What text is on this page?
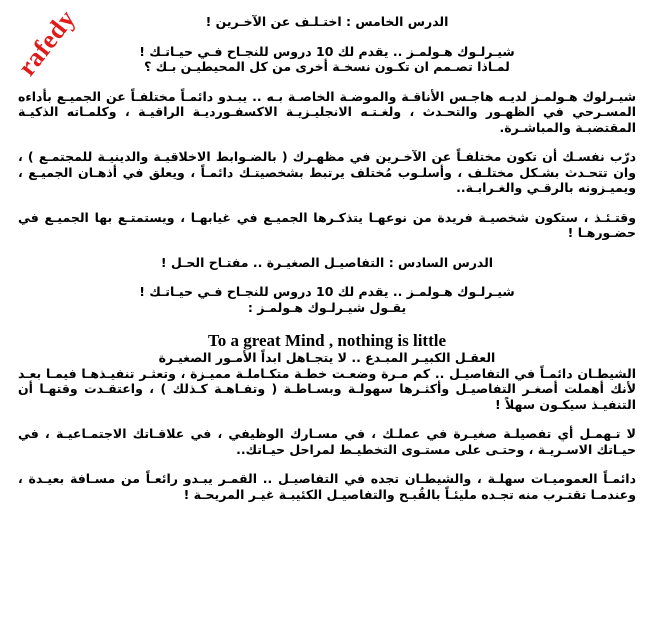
rafedy	الدرس الخامس : اختـلـف عن الآخـرين !

شيـرلـوك هـولمـز .. يقدم لك 10 دروس للنجـاح فـي حيـاتـك !

لمـاذا تصـمم ان تكـون نسخـة أخرى من كل المحيطيـن بـك ؟

شيـرلوك هـولمـز لديـه هاجـس الأناقـة والموضـة الخاصـة بـه .. يبـدو دائمـاً مختلفـاً عن الجميـع بأداءه المسـرحي في الظهـور والتحـدث ، ولغـتـه الانجليـزيـة الاكسفـورديـة الراقيـة ، وكلمـاته الذكيـة المقتضبـة والمباشـرة.

درّب نفسـك أن تكون مختلفـاً عن الآخـرين في مظهـرك ( بالضـوابط الاخلاقيـة والدينيـة للمجتمـع ) ، وان تتحـدث بشـكل مختلـف ، وأسلـوب مُختلف يرتبط بشخصيتـك دائمـاً ، ويعلق في أذهـان الجميـع ، ويميـزونه بالرقـي والغـرابـة..

وقتـئـذ ، ستكون شخصيـة فريدة من نوعهـا يتذكـرها الجميـع في غيابهـا ، ويستمتـع بها الجميـع في حضـورهـا !

الدرس السادس : التفاصيـل الصغيـرة .. مفتـاح الحـل !

شيـرلـوك هـولمـز .. يقدم لك 10 دروس للنجـاح فـي حيـاتـك !

يقـول شيـرلـوك هـولمـز :

To a great Mind , nothing is little

العقـل الكبيـر المبـدع .. لا يتجـاهل ابداً الأمـور الصغيـرة

الشيطـان دائمـاً في التفاصيـل .. كم مـرة وضعـت خطـة متكـاملـة مميـزة ، وتعثـر تنفيـذهـا فيمـا بعـد لأنك أهملت أصغـر التفاصيـل وأكثـرها سهولـة وبسـاطـة ( وتفـاهـة كـذلك ) ، واعتقـدت وقتهـا أن التنفيـذ سيكـون سهلاً !

لا تـهمـل أي تفصيلـة صغيـرة في عملـك ، في مسـارك الوظيفي ، في علاقـاتك الاجتمـاعيـة ، في حيـاتك الاسـريـة ، وحتـى على مستـوى التخطيـط لمراحل حيـاتك..

دائمـاً العموميـات سهلـة ، والشيطـان تجده في التفاصيـل .. القمـر يبـدو رائعـاً من مسـافة بعيـدة ، وعندمـا تقتـرب منه تجـده مليئـاً بالقُبـح والتفاصيـل الكئيبـة غيـر المريحـة !
